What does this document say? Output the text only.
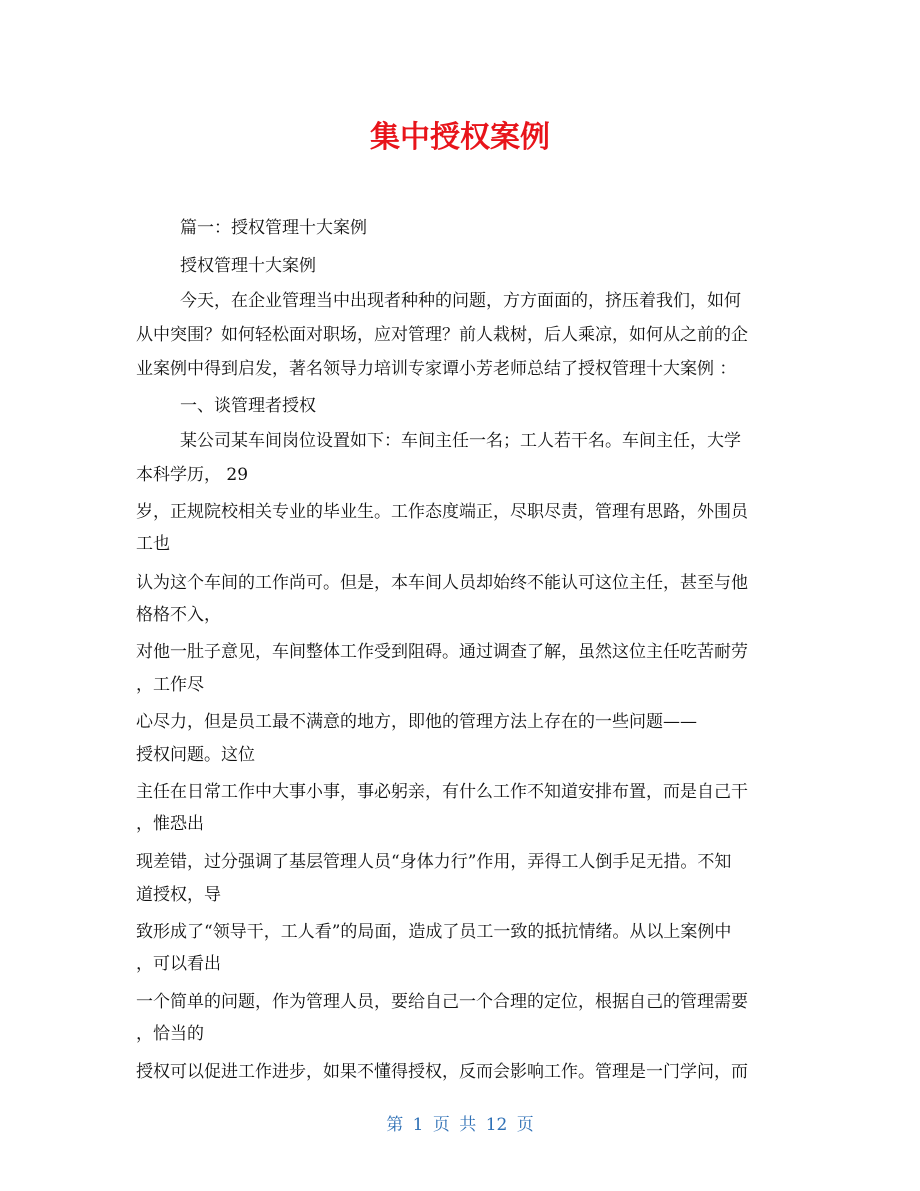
集中授权案例

篇一：授权管理十大案例

授权管理十大案例

今天，在企业管理当中出现者种种的问题，方方面面的，挤压着我们，如何

从中突围？如何轻松面对职场，应对管理？前人栽树，后人乘凉，如何从之前的企

业案例中得到启发，著名领导力培训专家谭小芳老师总结了授权管理十大案例 ：

一、谈管理者授权

某公司某车间岗位设置如下：车间主任一名；工人若干名。车间主任，大学

本科学历， 29

岁，正规院校相关专业的毕业生。工作态度端正，尽职尽责，管理有思路，外围员

工也

认为这个车间的工作尚可。但是，本车间人员却始终不能认可这位主任，甚至与他

格格不入，

对他一肚子意见，车间整体工作受到阻碍。通过调查了解，虽然这位主任吃苦耐劳

，工作尽

心尽力，但是员工最不满意的地方，即他的管理方法上存在的一些问题——

授权问题。这位

主任在日常工作中大事小事，事必躬亲，有什么工作不知道安排布置，而是自己干

，惟恐出

现差错，过分强调了基层管理人员“身体力行”作用，弄得工人倒手足无措。不知

道授权，导

致形成了“领导干，工人看”的局面，造成了员工一致的抵抗情绪。从以上案例中

，可以看出

一个简单的问题，作为管理人员，要给自己一个合理的定位，根据自己的管理需要

，恰当的

授权可以促进工作进步，如果不懂得授权，反而会影响工作。管理是一门学问，而

第 1 页 共 12 页
